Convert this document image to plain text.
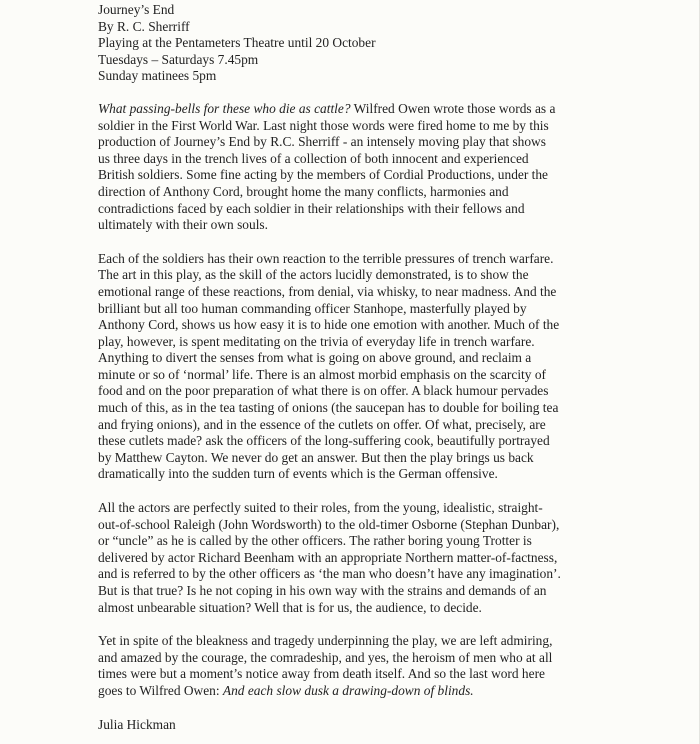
Journey’s End
By R. C. Sherriff
Playing at the Pentameters Theatre until 20 October
Tuesdays – Saturdays 7.45pm
Sunday matinees 5pm
What passing-bells for these who die as cattle? Wilfred Owen wrote those words as a
soldier in the First World War. Last night those words were fired home to me by this
production of Journey’s End by R.C. Sherriff - an intensely moving play that shows
us three days in the trench lives of a collection of both innocent and experienced
British soldiers. Some fine acting by the members of Cordial Productions, under the
direction of Anthony Cord, brought home the many conflicts, harmonies and
contradictions faced by each soldier in their relationships with their fellows and
ultimately with their own souls.
Each of the soldiers has their own reaction to the terrible pressures of trench warfare.
The art in this play, as the skill of the actors lucidly demonstrated, is to show the
emotional range of these reactions, from denial, via whisky, to near madness. And the
brilliant but all too human commanding officer Stanhope, masterfully played by
Anthony Cord, shows us how easy it is to hide one emotion with another. Much of the
play, however, is spent meditating on the trivia of everyday life in trench warfare.
Anything to divert the senses from what is going on above ground, and reclaim a
minute or so of ‘normal’ life. There is an almost morbid emphasis on the scarcity of
food and on the poor preparation of what there is on offer. A black humour pervades
much of this, as in the tea tasting of onions (the saucepan has to double for boiling tea
and frying onions), and in the essence of the cutlets on offer. Of what, precisely, are
these cutlets made? ask the officers of the long-suffering cook, beautifully portrayed
by Matthew Cayton. We never do get an answer. But then the play brings us back
dramatically into the sudden turn of events which is the German offensive.
All the actors are perfectly suited to their roles, from the young, idealistic, straight-
out-of-school Raleigh (John Wordsworth) to the old-timer Osborne (Stephan Dunbar),
or “uncle” as he is called by the other officers. The rather boring young Trotter is
delivered by actor Richard Beenham with an appropriate Northern matter-of-factness,
and is referred to by the other officers as ‘the man who doesn’t have any imagination’.
But is that true? Is he not coping in his own way with the strains and demands of an
almost unbearable situation? Well that is for us, the audience, to decide.
Yet in spite of the bleakness and tragedy underpinning the play, we are left admiring,
and amazed by the courage, the comradeship, and yes, the heroism of men who at all
times were but a moment’s notice away from death itself. And so the last word here
goes to Wilfred Owen: And each slow dusk a drawing-down of blinds.
Julia Hickman
